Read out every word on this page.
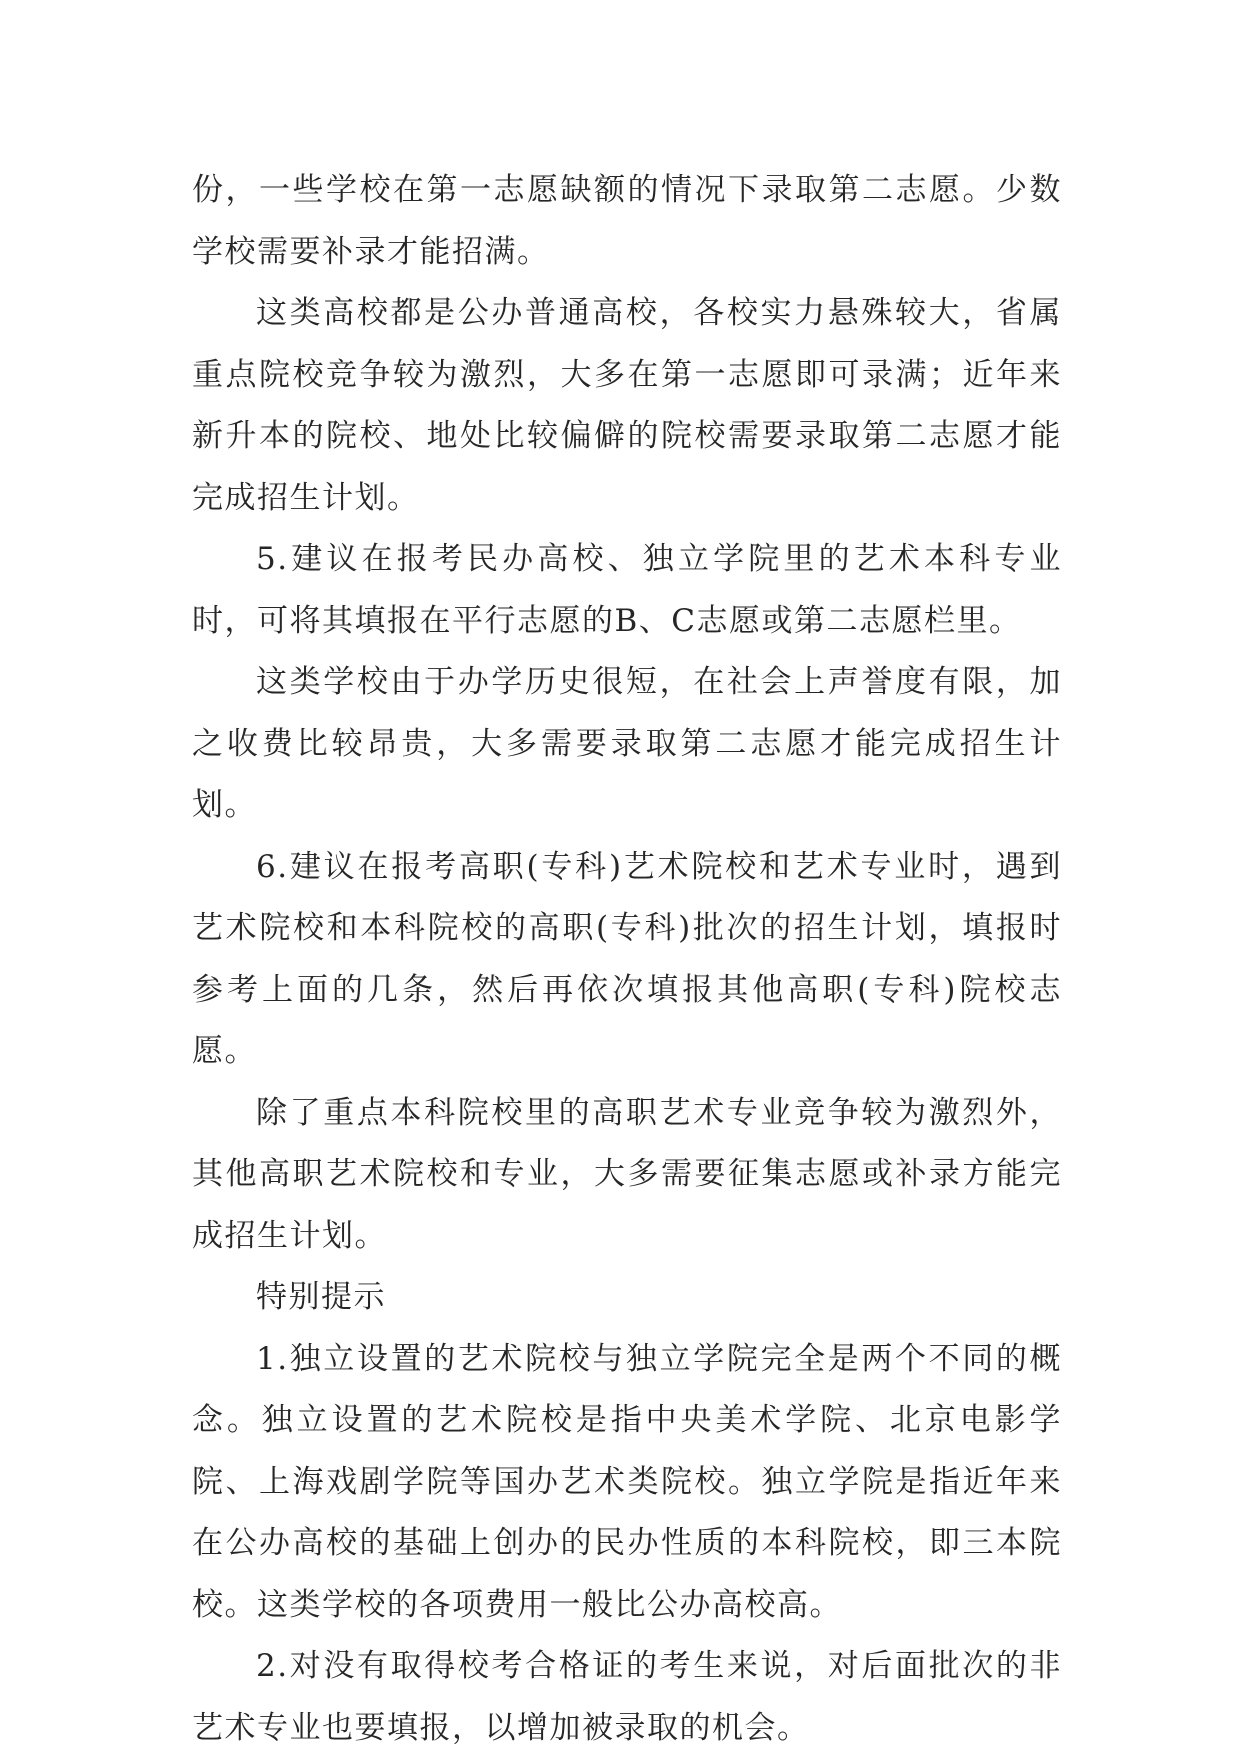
份，一些学校在第一志愿缺额的情况下录取第二志愿。少数学校需要补录才能招满。

这类高校都是公办普通高校，各校实力悬殊较大，省属重点院校竞争较为激烈，大多在第一志愿即可录满；近年来新升本的院校、地处比较偏僻的院校需要录取第二志愿才能完成招生计划。

5.建议在报考民办高校、独立学院里的艺术本科专业时，可将其填报在平行志愿的B、C志愿或第二志愿栏里。

这类学校由于办学历史很短，在社会上声誉度有限，加之收费比较昂贵，大多需要录取第二志愿才能完成招生计划。

6.建议在报考高职(专科)艺术院校和艺术专业时，遇到艺术院校和本科院校的高职(专科)批次的招生计划，填报时参考上面的几条，然后再依次填报其他高职(专科)院校志愿。

除了重点本科院校里的高职艺术专业竞争较为激烈外，其他高职艺术院校和专业，大多需要征集志愿或补录方能完成招生计划。

特别提示

1.独立设置的艺术院校与独立学院完全是两个不同的概念。独立设置的艺术院校是指中央美术学院、北京电影学院、上海戏剧学院等国办艺术类院校。独立学院是指近年来在公办高校的基础上创办的民办性质的本科院校，即三本院校。这类学校的各项费用一般比公办高校高。

2.对没有取得校考合格证的考生来说，对后面批次的非艺术专业也要填报，以增加被录取的机会。
